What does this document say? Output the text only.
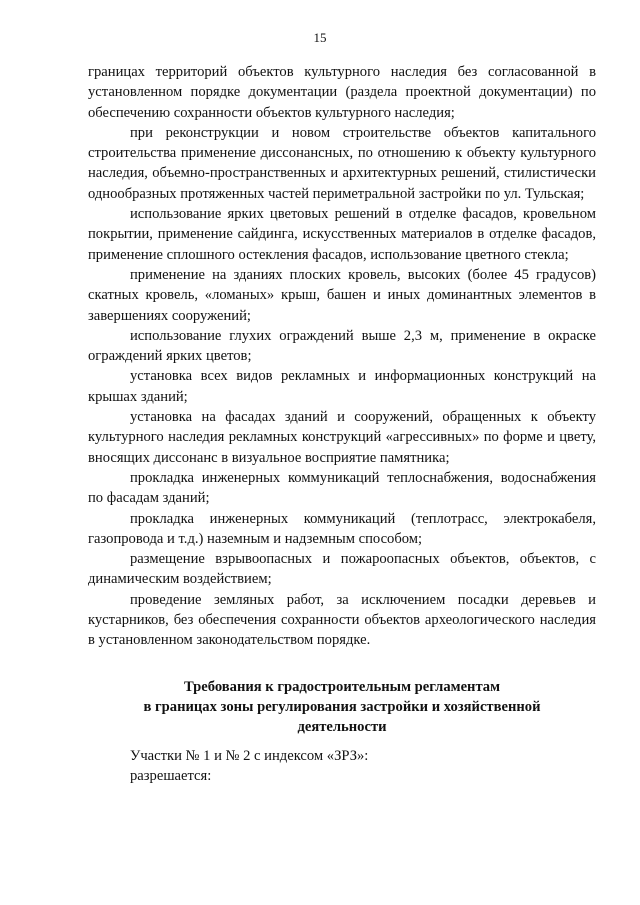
15

границах территорий объектов культурного наследия без согласованной в установленном порядке документации (раздела проектной документации) по обеспечению сохранности объектов культурного наследия;

при реконструкции и новом строительстве объектов капитального строительства применение диссонансных, по отношению к объекту культурного наследия, объемно-пространственных и архитектурных решений, стилистически однообразных протяженных частей периметральной застройки по ул. Тульская;

использование ярких цветовых решений в отделке фасадов, кровельном покрытии, применение сайдинга, искусственных материалов в отделке фасадов, применение сплошного остекления фасадов, использование цветного стекла;

применение на зданиях плоских кровель, высоких (более 45 градусов) скатных кровель, «ломаных» крыш, башен и иных доминантных элементов в завершениях сооружений;

использование глухих ограждений выше 2,3 м, применение в окраске ограждений ярких цветов;

установка всех видов рекламных и информационных конструкций на крышах зданий;

установка на фасадах зданий и сооружений, обращенных к объекту культурного наследия рекламных конструкций «агрессивных» по форме и цвету, вносящих диссонанс в визуальное восприятие памятника;

прокладка инженерных коммуникаций теплоснабжения, водоснабжения по фасадам зданий;

прокладка инженерных коммуникаций (теплотрасс, электрокабеля, газопровода и т.д.) наземным и надземным способом;

размещение взрывоопасных и пожароопасных объектов, объектов, с динамическим воздействием;

проведение земляных работ, за исключением посадки деревьев и кустарников, без обеспечения сохранности объектов археологического наследия в установленном законодательством порядке.

Требования к градостроительным регламентам
в границах зоны регулирования застройки и хозяйственной
деятельности

Участки № 1 и № 2 с индексом «ЗРЗ»:

разрешается:
